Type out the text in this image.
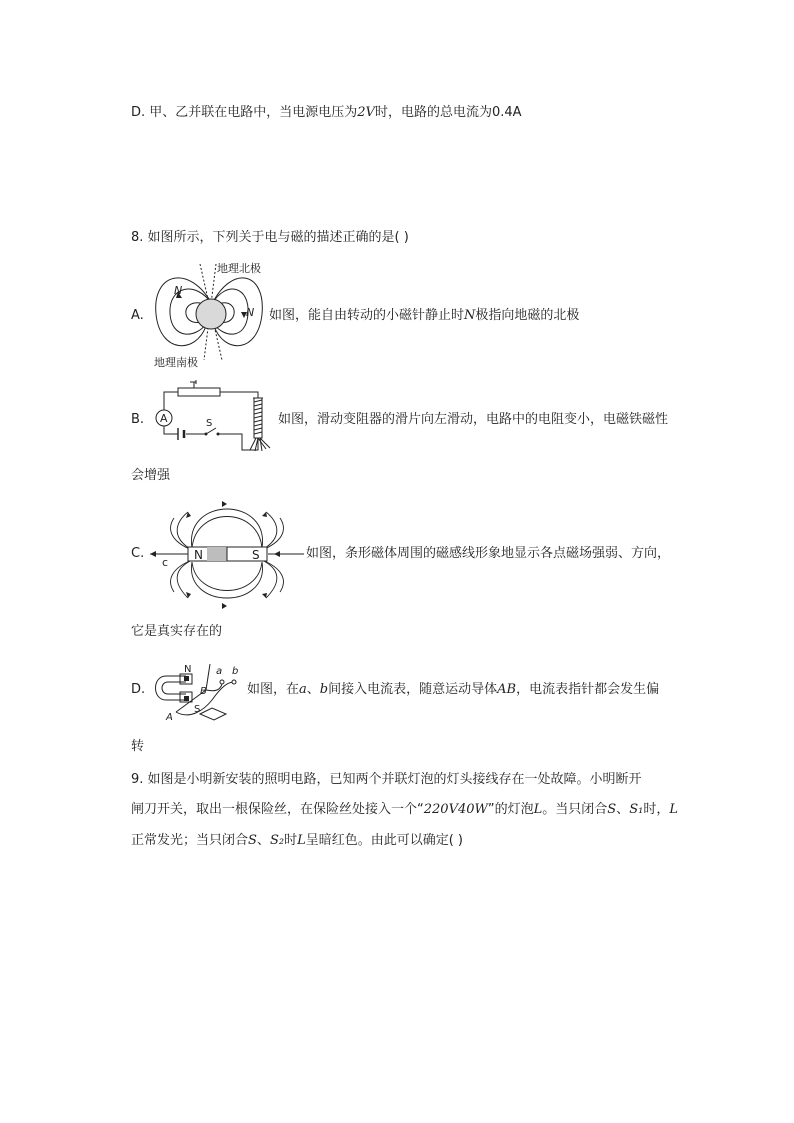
D. 甲、乙并联在电路中，当电源电压为2V时，电路的总电流为0.4A
8. 如图所示，下列关于电与磁的描述正确的是( )
A.
地理北极
地理南极
N
N 如图，能自由转动的小磁针静止时N极指向地磁的北极
B. A	S	如图，滑动变阻器的滑片向左滑动，电路中的电阻变小，电磁铁磁性
会增强
C.	N	S
c
如图，条形磁体周围的磁感线形象地显示各点磁场强弱、方向，
它是真实存在的
D.
N
S
a b
A
B	如图，在a、b间接入电流表，随意运动导体AB，电流表指针都会发生偏
转
9. 如图是小明新安装的照明电路，已知两个并联灯泡的灯头接线存在一处故障。小明断开
闸刀开关，取出一根保险丝，在保险丝处接入一个“220V40W”的灯泡L。当只闭合S、S₁时，L
正常发光；当只闭合S、S₂时L呈暗红色。由此可以确定( )
